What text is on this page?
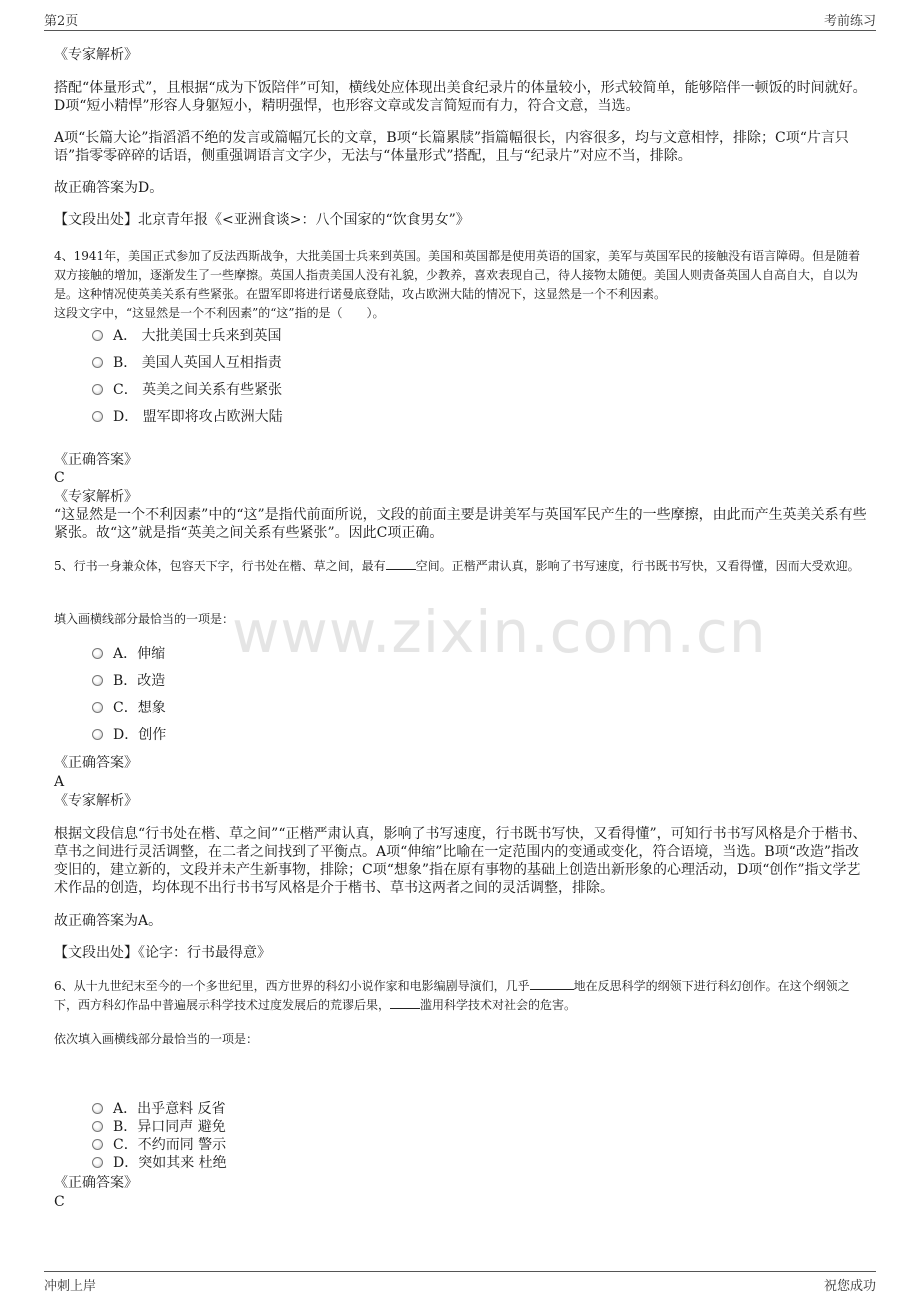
第2页	考前练习
《专家解析》
搭配“体量形式”，且根据“成为下饭陪伴”可知，横线处应体现出美食纪录片的体量较小，形式较简单，能够陪伴一顿饭的时间就好。D项“短小精悍”形容人身躯短小，精明强悍，也形容文章或发言简短而有力，符合文意，当选。
A项“长篇大论”指滔滔不绝的发言或篇幅冗长的文章，B项“长篇累牍”指篇幅很长，内容很多，均与文意相悖，排除；C项“片言只语”指零零碎碎的话语，侧重强调语言文字少，无法与“体量形式”搭配，且与“纪录片”对应不当，排除。
故正确答案为D。
【文段出处】北京青年报《<亚洲食谈>：八个国家的“饮食男女”》
4、1941年，美国正式参加了反法西斯战争，大批美国士兵来到英国。美国和英国都是使用英语的国家，美军与英国军民的接触没有语言障碍。但是随着双方接触的增加，逐渐发生了一些摩擦。英国人指责美国人没有礼貌，少教养，喜欢表现自己，待人接物太随便。美国人则责备英国人自高自大，自以为是。这种情况使英美关系有些紧张。在盟军即将进行诺曼底登陆，攻占欧洲大陆的情况下，这显然是一个不利因素。
这段文字中，“这显然是一个不利因素”的“这”指的是（　　）。
A． 大批美国士兵来到英国
B． 美国人英国人互相指责
C． 英美之间关系有些紧张
D． 盟军即将攻占欧洲大陆
《正确答案》
C
《专家解析》
“这显然是一个不利因素”中的“这”是指代前面所说，文段的前面主要是讲美军与英国军民产生的一些摩擦，由此而产生英美关系有些紧张。故“这”就是指“英美之间关系有些紧张”。因此C项正确。
5、行书一身兼众体，包容天下字，行书处在楷、草之间，最有	空间。正楷严肃认真，影响了书写速度，行书既书写快，又看得懂，因而大受欢迎。
填入画横线部分最恰当的一项是：
A．伸缩
B．改造
C．想象
D．创作
《正确答案》
A
《专家解析》
根据文段信息“行书处在楷、草之间”“正楷严肃认真，影响了书写速度，行书既书写快，又看得懂”，可知行书书写风格是介于楷书、草书之间进行灵活调整，在二者之间找到了平衡点。A项“伸缩”比喻在一定范围内的变通或变化，符合语境，当选。B项“改造”指改变旧的，建立新的，文段并未产生新事物，排除；C项“想象”指在原有事物的基础上创造出新形象的心理活动，D项“创作”指文学艺术作品的创造，均体现不出行书书写风格是介于楷书、草书这两者之间的灵活调整，排除。
故正确答案为A。
【文段出处】《论字：行书最得意》
6、从十九世纪末至今的一个多世纪里，西方世界的科幻小说作家和电影编剧导演们，几乎	地在反思科学的纲领下进行科幻创作。在这个纲领之下，西方科幻作品中普遍展示科学技术过度发展后的荒谬后果，	滥用科学技术对社会的危害。
依次填入画横线部分最恰当的一项是：
A．出乎意料 反省
B．异口同声 避免
C．不约而同 警示
D．突如其来 杜绝
《正确答案》
C
www.zixin.com.cn
冲刺上岸	祝您成功
